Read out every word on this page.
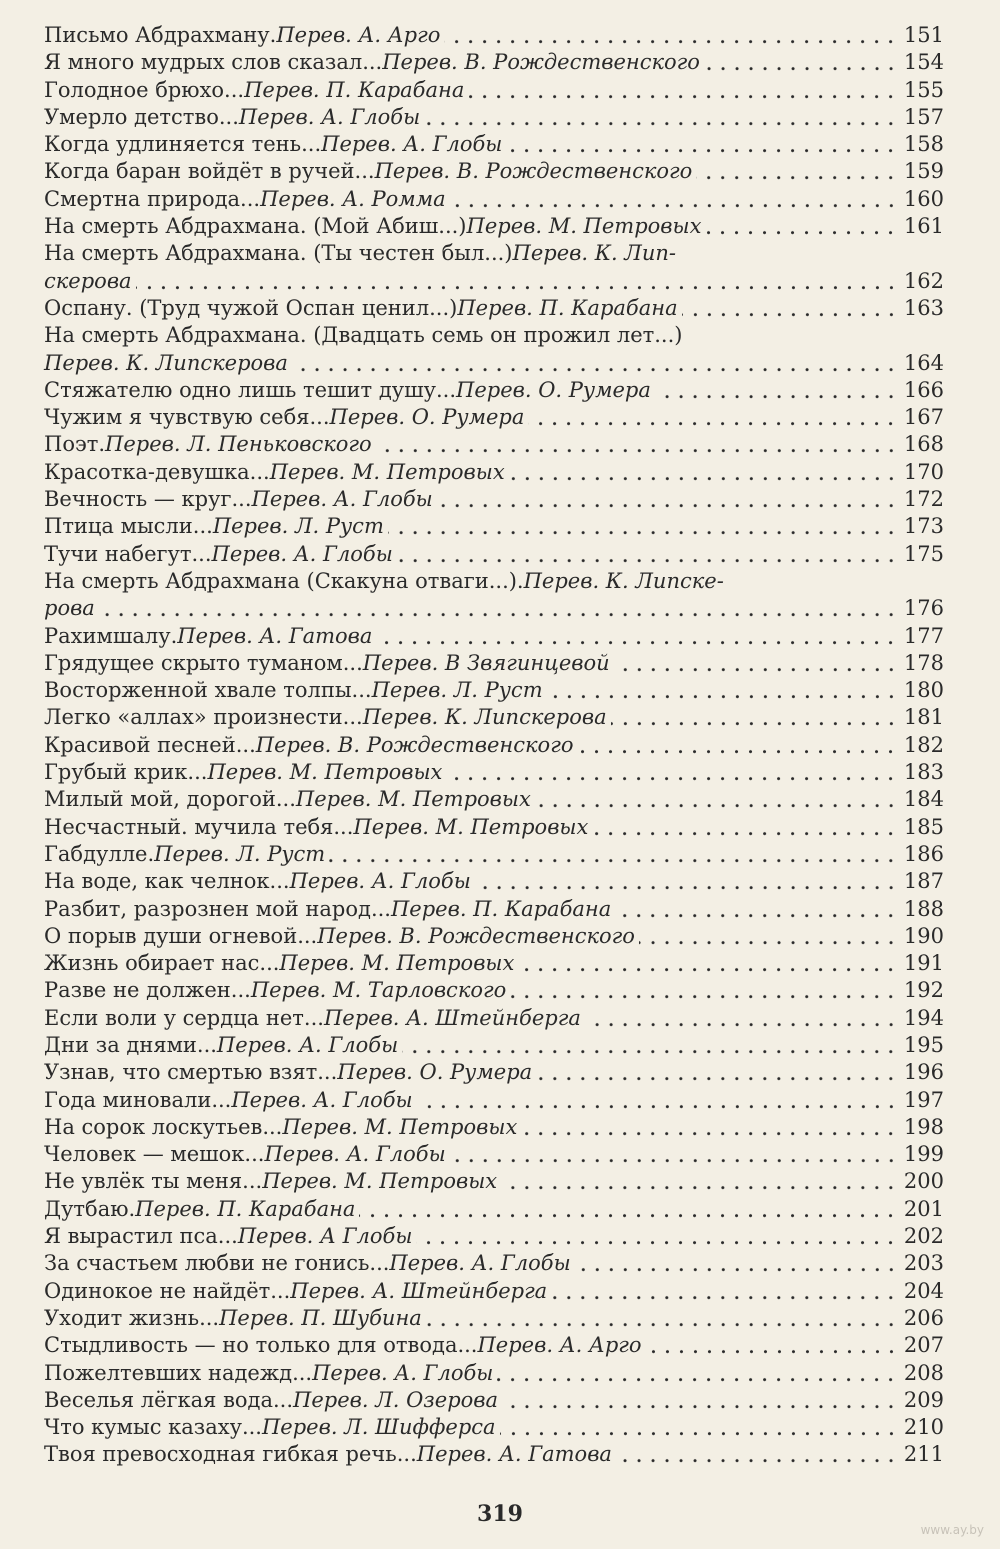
Письмо Абдрахману. Перев. А. Арго	151
Я много мудрых слов сказал... Перев. В. Рождественского	154
Голодное брюхо... Перев. П. Карабана	155
Умерло детство... Перев. А. Глобы	157
Когда удлиняется тень... Перев. А. Глобы	158
Когда баран войдёт в ручей... Перев. В. Рождественского	159
Смертна природа... Перев. А. Ромма	160
На смерть Абдрахмана. (Мой Абиш...) Перев. М. Петровых	161
На смерть Абдрахмана. (Ты честен был...) Перев. К. Лип-
скерова	162
Оспану. (Труд чужой Оспан ценил...) Перев. П. Карабана	163
На смерть Абдрахмана. (Двадцать семь он прожил лет...)
Перев. К. Липскерова	164
Стяжателю одно лишь тешит душу... Перев. О. Румера	166
Чужим я чувствую себя... Перев. О. Румера	167
Поэт. Перев. Л. Пеньковского	168
Красотка-девушка... Перев. М. Петровых	170
Вечность — круг... Перев. А. Глобы	172
Птица мысли... Перев. Л. Руст	173
Тучи набегут... Перев. А. Глобы	175
На смерть Абдрахмана (Скакуна отваги...). Перев. К. Липске-
рова	176
Рахимшалу. Перев. А. Гатова	177
Грядущее скрыто туманом... Перев. В Звягинцевой	178
Восторженной хвале толпы... Перев. Л. Руст	180
Легко «аллах» произнести... Перев. К. Липскерова	181
Красивой песней... Перев. В. Рождественского	182
Грубый крик... Перев. М. Петровых	183
Милый мой, дорогой... Перев. М. Петровых	184
Несчастный. мучила тебя... Перев. М. Петровых	185
Габдулле. Перев. Л. Руст	186
На воде, как челнок... Перев. А. Глобы	187
Разбит, разрознен мой народ... Перев. П. Карабана	188
О порыв души огневой... Перев. В. Рождественского	190
Жизнь обирает нас... Перев. М. Петровых	191
Разве не должен... Перев. М. Тарловского	192
Если воли у сердца нет... Перев. А. Штейнберга	194
Дни за днями... Перев. А. Глобы	195
Узнав, что смертью взят... Перев. О. Румера	196
Года миновали... Перев. А. Глобы	197
На сорок лоскутьев... Перев. М. Петровых	198
Человек — мешок... Перев. А. Глобы	199
Не увлёк ты меня... Перев. М. Петровых	200
Дутбаю. Перев. П. Карабана	201
Я вырастил пса... Перев. А Глобы	202
За счастьем любви не гонись... Перев. А. Глобы	203
Одинокое не найдёт... Перев. А. Штейнберга	204
Уходит жизнь... Перев. П. Шубина	206
Стыдливость — но только для отвода... Перев. А. Арго	207
Пожелтевших надежд... Перев. А. Глобы	208
Веселья лёгкая вода... Перев. Л. Озерова	209
Что кумыс казаху... Перев. Л. Шифферса	210
Твоя превосходная гибкая речь... Перев. А. Гатова	211
319
www.ay.by
